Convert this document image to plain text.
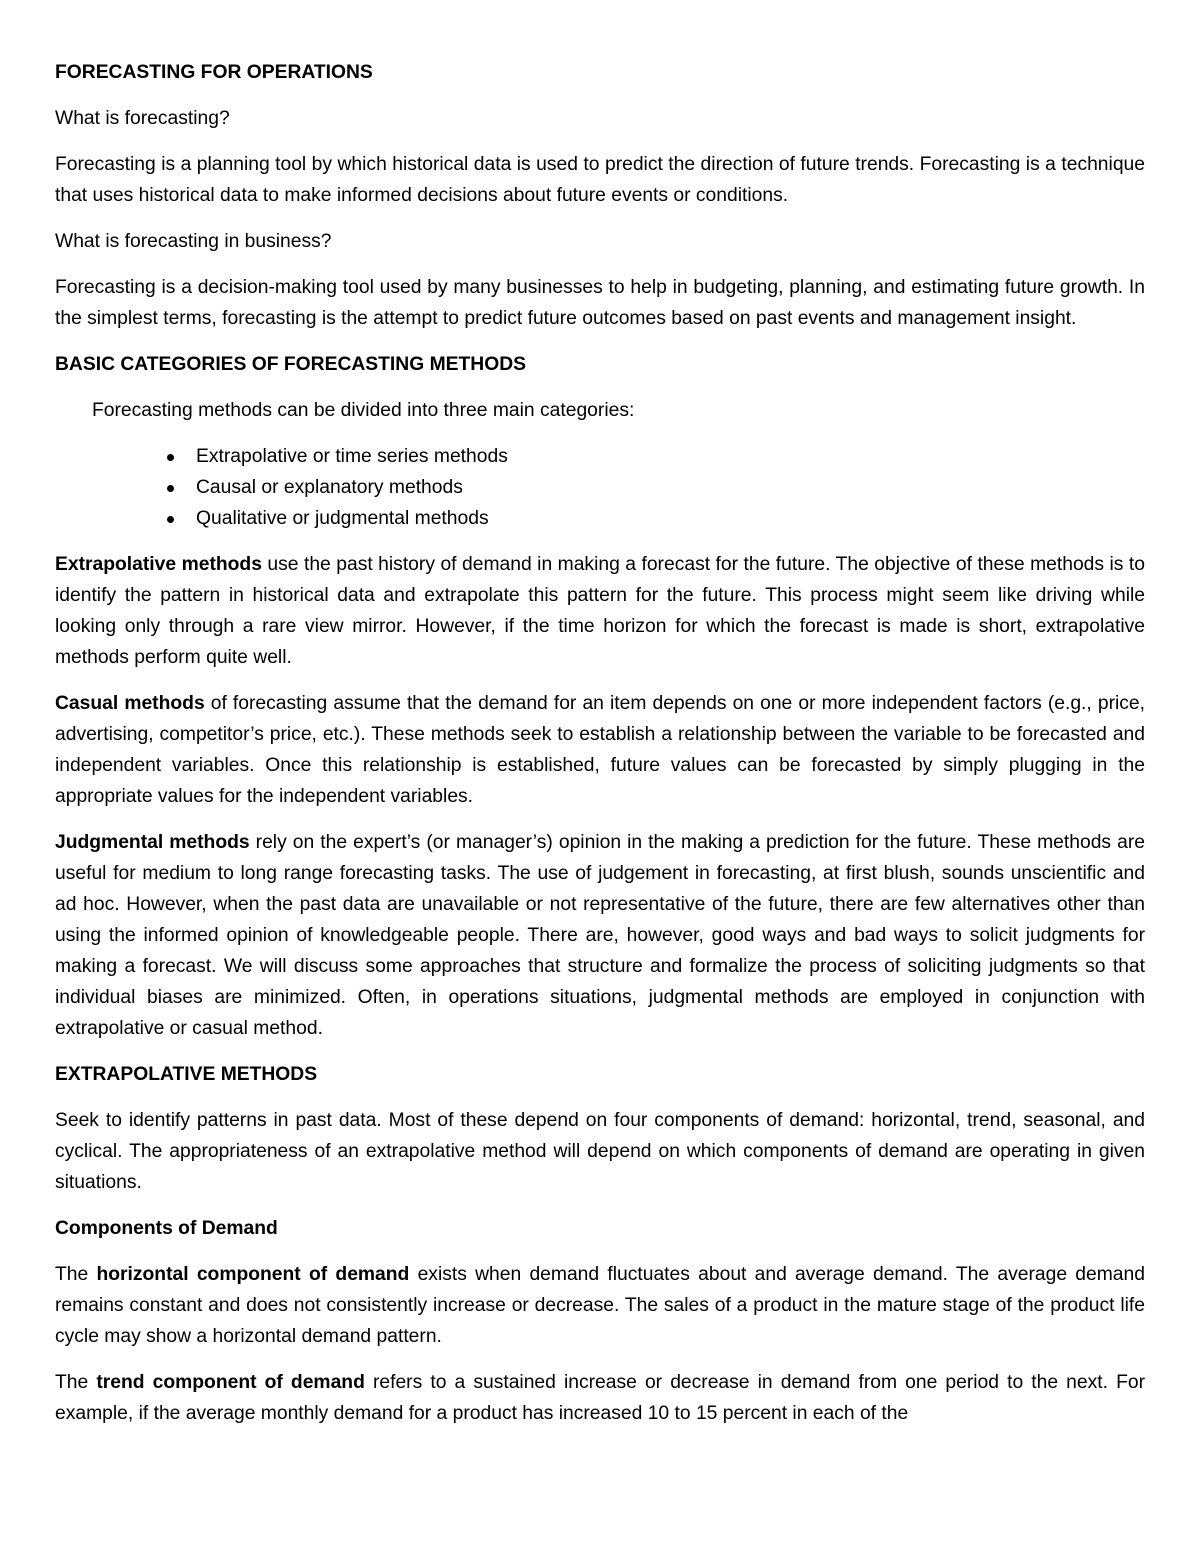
FORECASTING FOR OPERATIONS

What is forecasting?

Forecasting is a planning tool by which historical data is used to predict the direction of future trends. Forecasting is a technique that uses historical data to make informed decisions about future events or conditions.

What is forecasting in business?

Forecasting is a decision-making tool used by many businesses to help in budgeting, planning, and estimating future growth. In the simplest terms, forecasting is the attempt to predict future outcomes based on past events and management insight.

BASIC CATEGORIES OF FORECASTING METHODS

Forecasting methods can be divided into three main categories:

Extrapolative or time series methods
Causal or explanatory methods
Qualitative or judgmental methods

Extrapolative methods use the past history of demand in making a forecast for the future. The objective of these methods is to identify the pattern in historical data and extrapolate this pattern for the future. This process might seem like driving while looking only through a rare view mirror. However, if the time horizon for which the forecast is made is short, extrapolative methods perform quite well.

Casual methods of forecasting assume that the demand for an item depends on one or more independent factors (e.g., price, advertising, competitor’s price, etc.). These methods seek to establish a relationship between the variable to be forecasted and independent variables. Once this relationship is established, future values can be forecasted by simply plugging in the appropriate values for the independent variables.

Judgmental methods rely on the expert’s (or manager’s) opinion in the making a prediction for the future. These methods are useful for medium to long range forecasting tasks. The use of judgement in forecasting, at first blush, sounds unscientific and ad hoc. However, when the past data are unavailable or not representative of the future, there are few alternatives other than using the informed opinion of knowledgeable people. There are, however, good ways and bad ways to solicit judgments for making a forecast. We will discuss some approaches that structure and formalize the process of soliciting judgments so that individual biases are minimized. Often, in operations situations, judgmental methods are employed in conjunction with extrapolative or casual method.

EXTRAPOLATIVE METHODS

Seek to identify patterns in past data. Most of these depend on four components of demand: horizontal, trend, seasonal, and cyclical. The appropriateness of an extrapolative method will depend on which components of demand are operating in given situations.

Components of Demand

The horizontal component of demand exists when demand fluctuates about and average demand. The average demand remains constant and does not consistently increase or decrease. The sales of a product in the mature stage of the product life cycle may show a horizontal demand pattern.

The trend component of demand refers to a sustained increase or decrease in demand from one period to the next. For example, if the average monthly demand for a product has increased 10 to 15 percent in each of the
